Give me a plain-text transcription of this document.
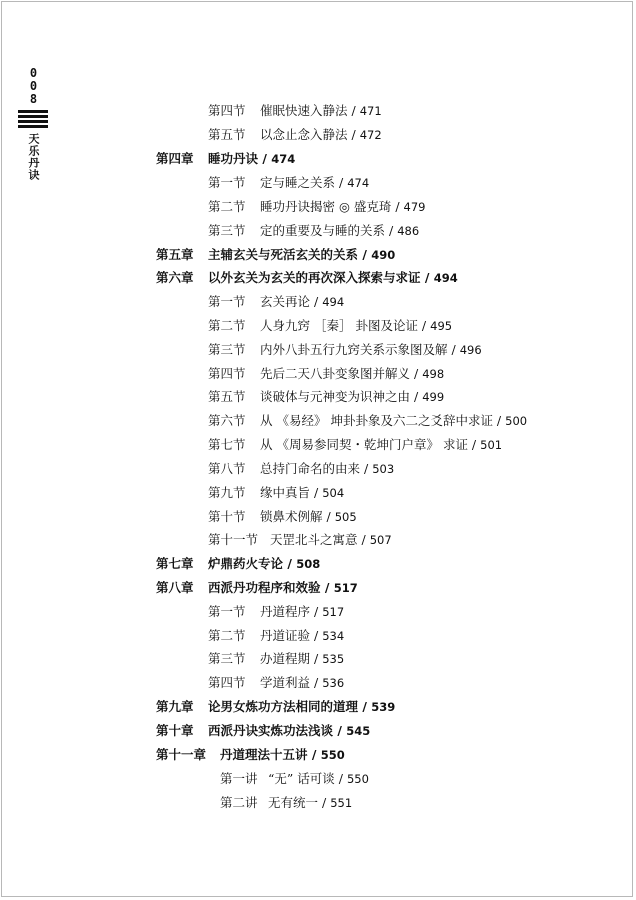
008
天乐丹诀
第四节 催眠快速入静法 / 471
第五节 以念止念入静法 / 472
第四章 睡功丹诀 / 474
第一节 定与睡之关系 / 474
第二节 睡功丹诀揭密 ◎ 盛克琦 / 479
第三节 定的重要及与睡的关系 / 486
第五章 主辅玄关与死活玄关的关系 / 490
第六章 以外玄关为玄关的再次深入探索与求证 / 494
第一节 玄关再论 / 494
第二节 人身九窍 ［秦］ 卦图及论证 / 495
第三节 内外八卦五行九窍关系示象图及解 / 496
第四节 先后二天八卦变象图并解义 / 498
第五节 谈破体与元神变为识神之由 / 499
第六节 从 《易经》 坤卦卦象及六二之爻辞中求证 / 500
第七节 从 《周易参同契・乾坤门户章》 求证 / 501
第八节 总持门命名的由来 / 503
第九节 缘中真旨 / 504
第十节 锁鼻术例解 / 505
第十一节 天罡北斗之寓意 / 507
第七章 炉鼎药火专论 / 508
第八章 西派丹功程序和效验 / 517
第一节 丹道程序 / 517
第二节 丹道证验 / 534
第三节 办道程期 / 535
第四节 学道利益 / 536
第九章 论男女炼功方法相同的道理 / 539
第十章 西派丹诀实炼功法浅谈 / 545
第十一章 丹道理法十五讲 / 550
第一讲 “无” 话可谈 / 550
第二讲 无有统一 / 551
